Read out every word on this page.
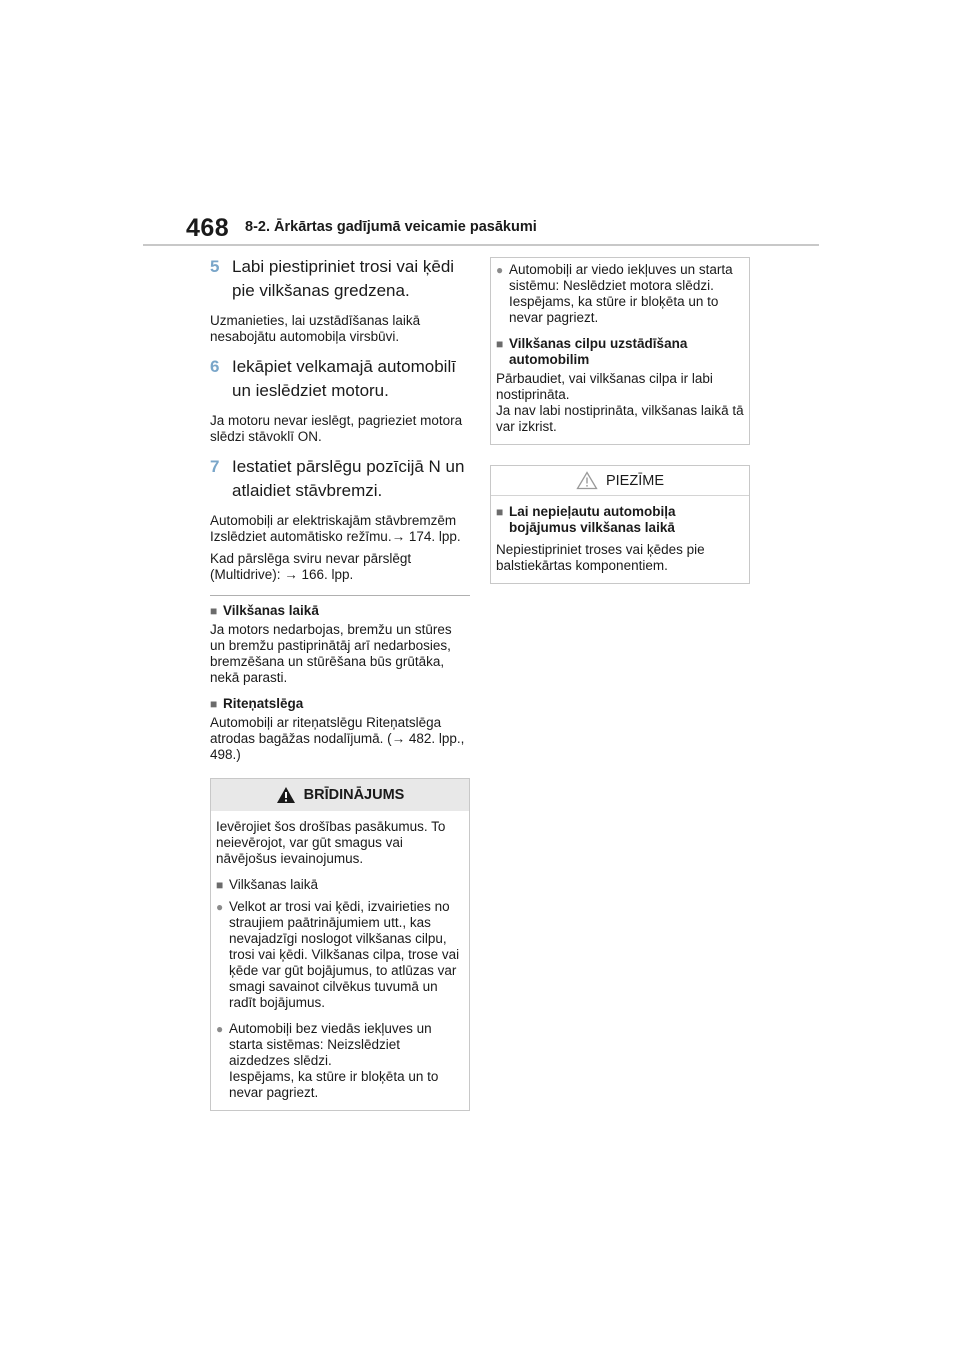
468 8-2. Ārkārtas gadījumā veicamie pasākumi
5 Labi piestipriniet trosi vai ķēdi pie vilkšanas gredzena.
Uzmanieties, lai uzstādīšanas laikā nesabojātu automobiļa virsbūvi.
6 Iekāpiet velkamajā automobilī un ieslēdziet motoru.
Ja motoru nevar ieslēgt, pagrieziet motora slēdzi stāvoklī ON.
7 Iestatiet pārslēgu pozīcijā N un atlaidiet stāvbremzi.
Automobiļi ar elektriskajām stāvbremzēm Izslēdziet automātisko režīmu.→ 174. lpp.
Kad pārslēga sviru nevar pārslēgt (Multidrive): → 166. lpp.
■ Vilkšanas laikā
Ja motors nedarbojas, bremžu un stūres un bremžu pastiprinātāj arī nedarbosies, bremzēšana un stūrēšana būs grūtāka, nekā parasti.
■ Riteņatslēga
Automobiļi ar riteņatslēgu Riteņatslēga atrodas bagāžas nodalījumā. (→ 482. lpp., 498.)
BRĪDINĀJUMS
Ievērojiet šos drošības pasākumus. To neievērojot, var gūt smagus vai nāvējošus ievainojumus.
■ Vilkšanas laikā
● Velkot ar trosi vai ķēdi, izvairieties no straujiem paātrinājumiem utt., kas nevajadzīgi noslogot vilkšanas cilpu, trosi vai ķēdi. Vilkšanas cilpa, trose vai ķēde var gūt bojājumus, to atlūzas var smagi savainot cilvēkus tuvumā un radīt bojājumus.
● Automobiļi bez viedās iekļuves un starta sistēmas: Neizslēdziet aizdedzes slēdzi.
Iespējams, ka stūre ir bloķēta un to nevar pagriezt.
● Automobiļi ar viedo iekļuves un starta sistēmu: Neslēdziet motora slēdzi.
Iespējams, ka stūre ir bloķēta un to nevar pagriezt.
■ Vilkšanas cilpu uzstādīšana automobilim
Pārbaudiet, vai vilkšanas cilpa ir labi nostiprināta.
Ja nav labi nostiprināta, vilkšanas laikā tā var izkrist.
PIEZĪME
■ Lai nepieļautu automobiļa bojājumus vilkšanas laikā
Nepiestipriniet troses vai ķēdes pie balstiekārtas komponentiem.
